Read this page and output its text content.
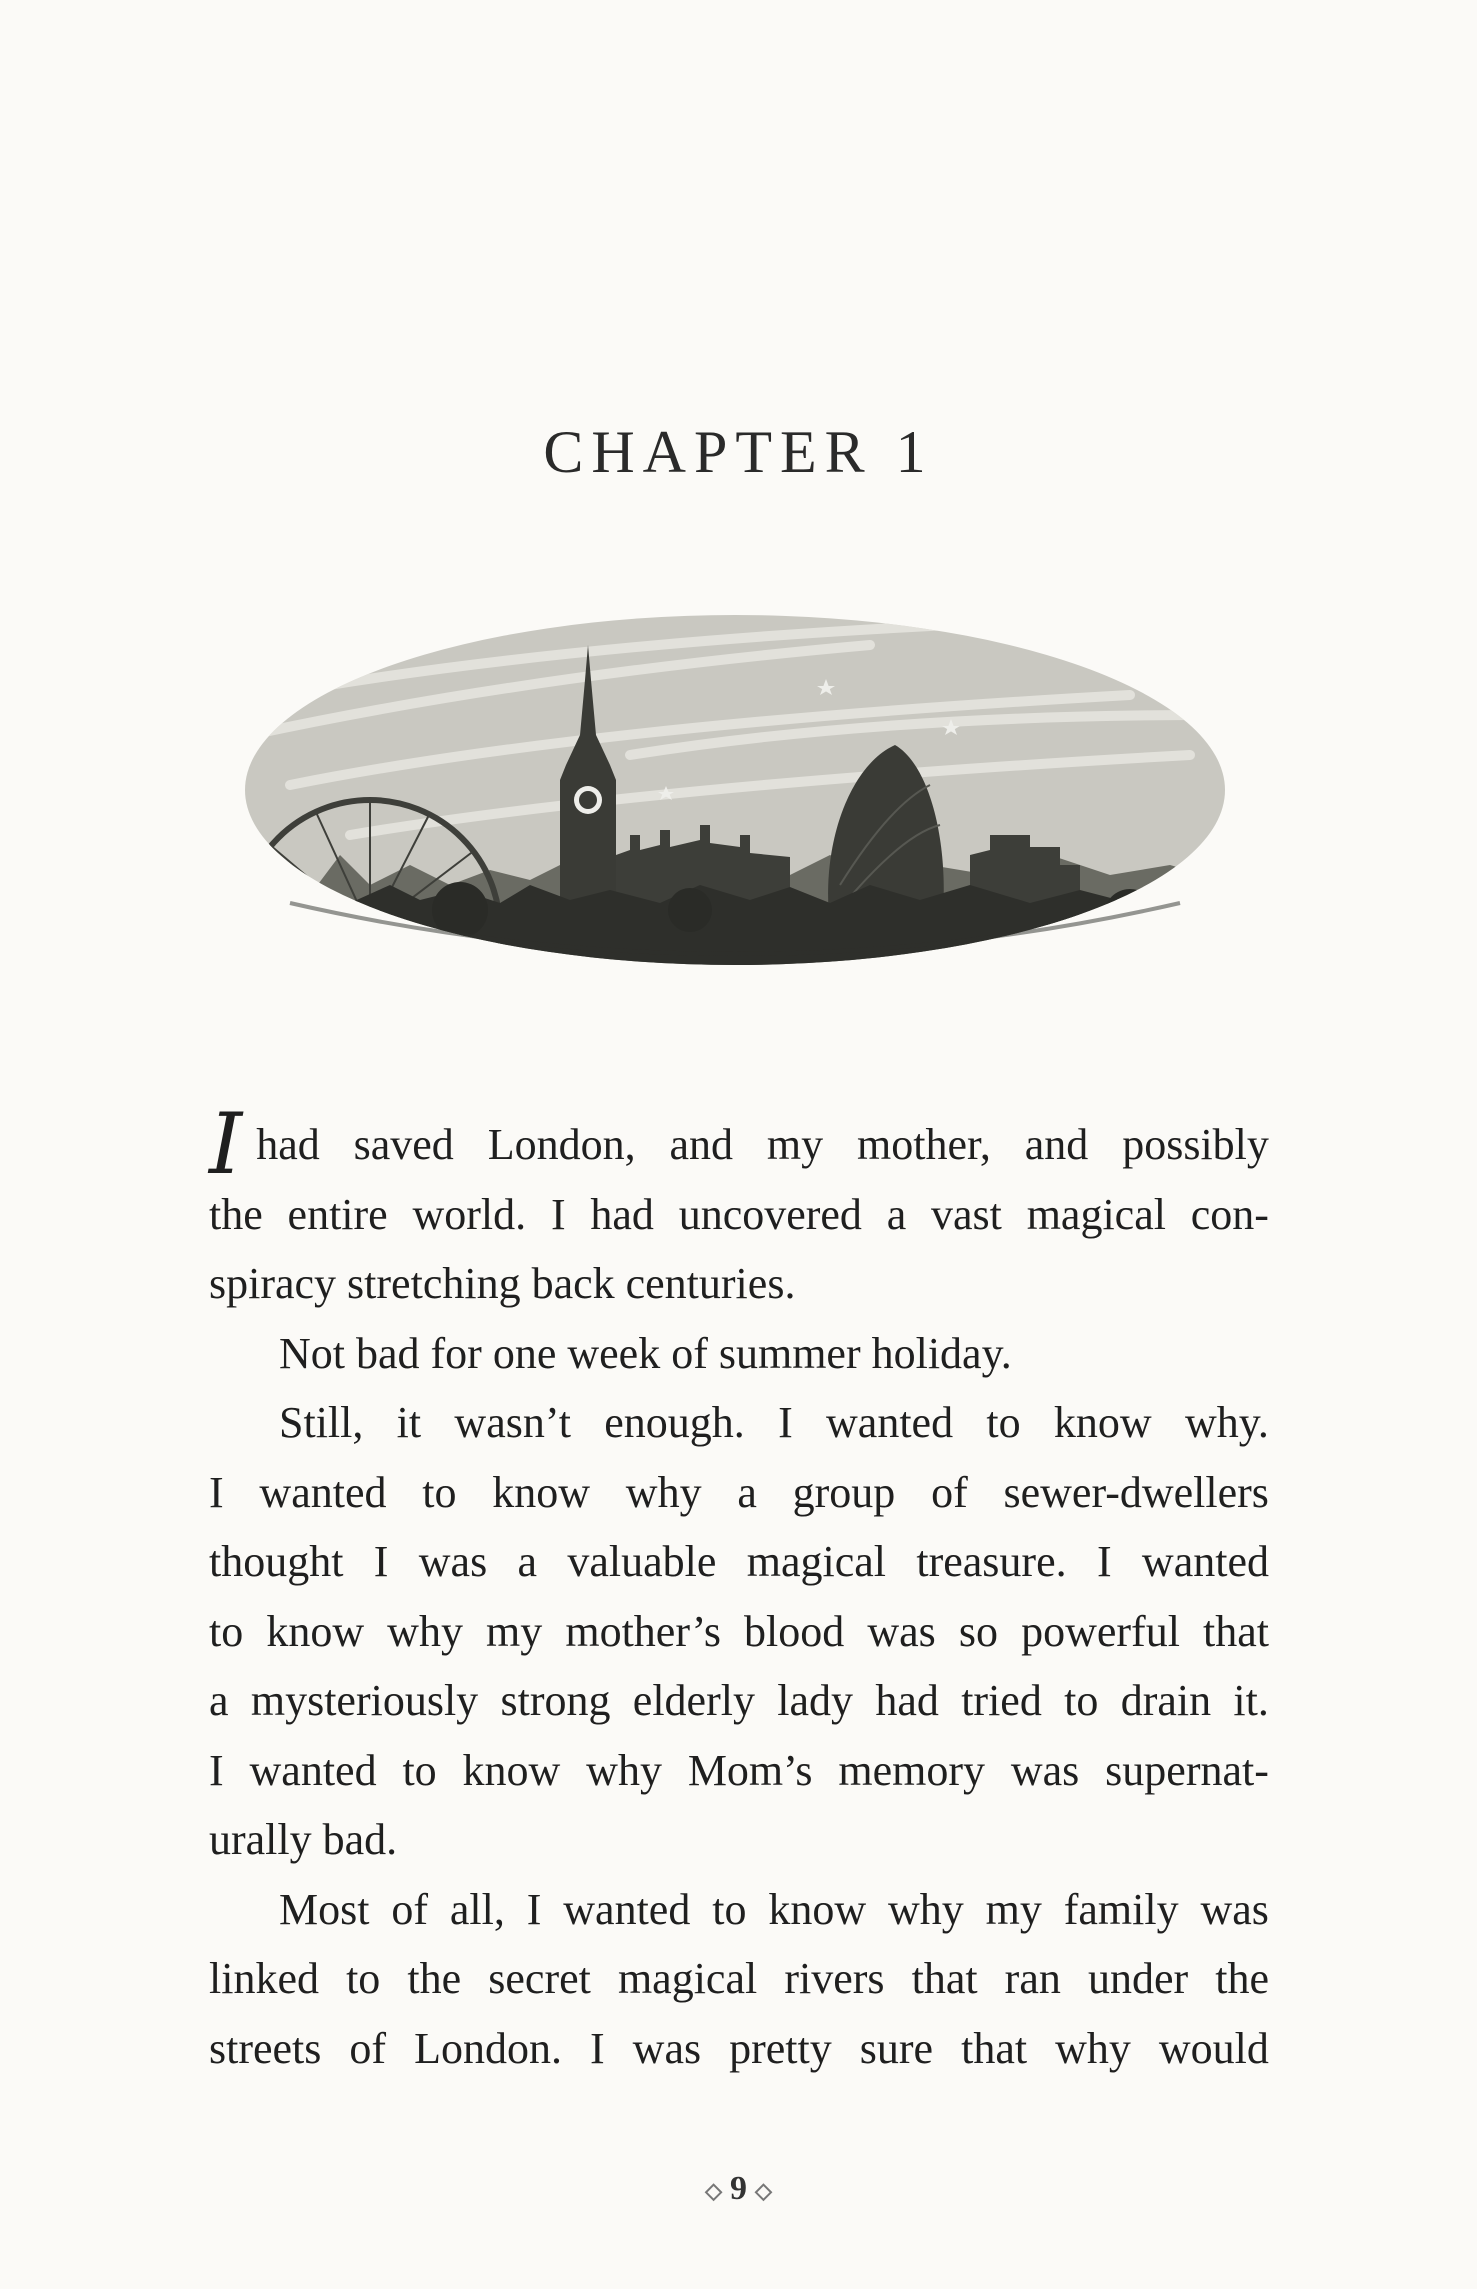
CHAPTER 1
I had saved London, and my mother, and possibly
the entire world. I had uncovered a vast magical con-
spiracy stretching back centuries.
Not bad for one week of summer holiday.
Still, it wasn’t enough. I wanted to know why.
I wanted to know why a group of sewer-dwellers
thought I was a valuable magical treasure. I wanted
to know why my mother’s blood was so powerful that
a mysteriously strong elderly lady had tried to drain it.
I wanted to know why Mom’s memory was supernat-
urally bad.
Most of all, I wanted to know why my family was
linked to the secret magical rivers that ran under the
streets of London. I was pretty sure that why would
◇ 9 ◇
